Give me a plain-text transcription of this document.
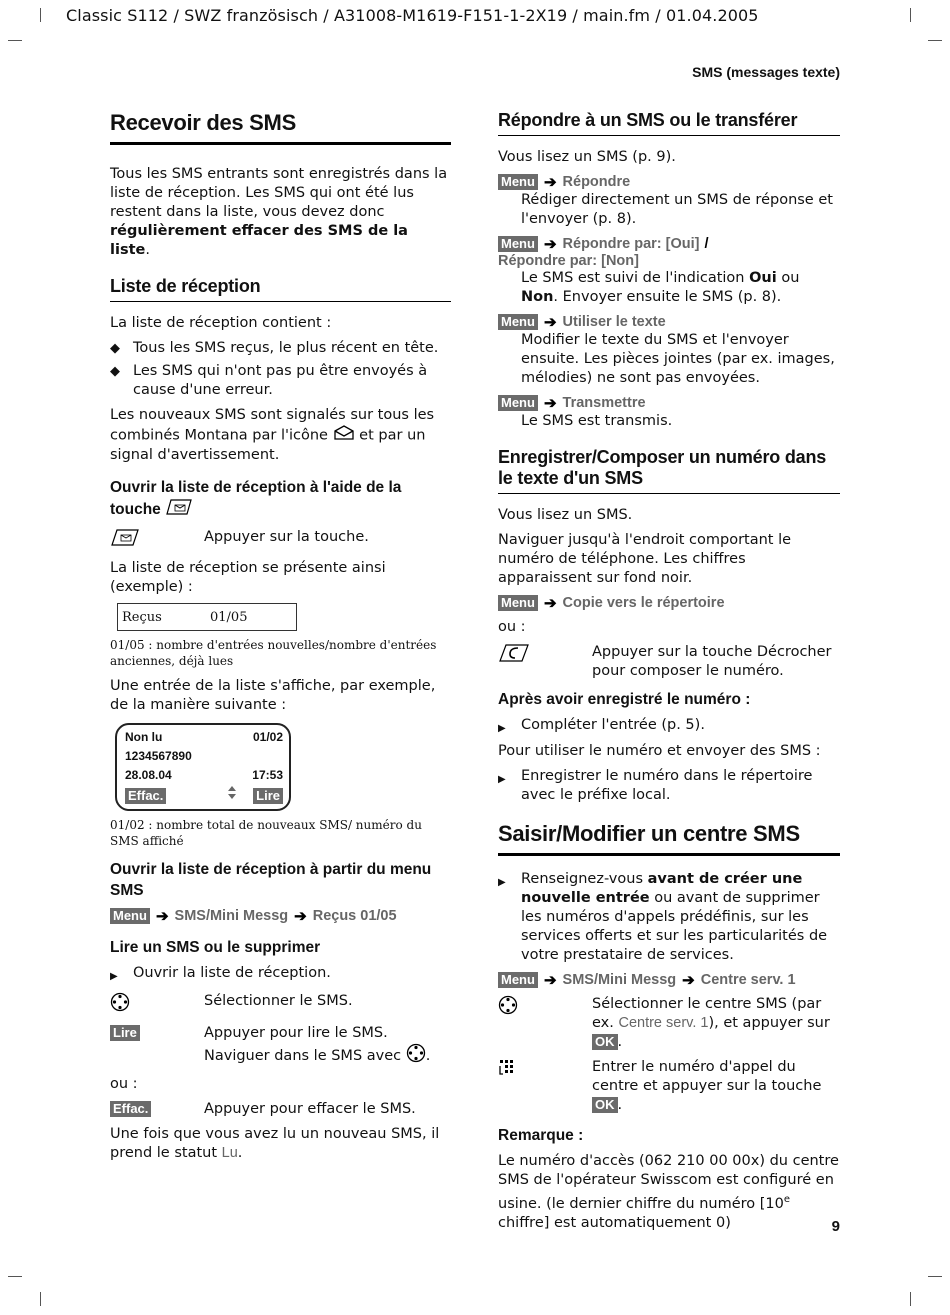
Classic S112 / SWZ französisch / A31008-M1619-F151-1-2X19 / main.fm / 01.04.2005
SMS (messages texte)
Recevoir des SMS

Tous les SMS entrants sont enregistrés dans la liste de réception. Les SMS qui ont été lus restent dans la liste, vous devez donc régulièrement effacer des SMS de la liste.

Liste de réception

La liste de réception contient :

◆ Tous les SMS reçus, le plus récent en tête.
◆ Les SMS qui n'ont pas pu être envoyés à cause d'une erreur.

Les nouveaux SMS sont signalés sur tous les combinés Montana par l'icône  et par un signal d'avertissement.

Ouvrir la liste de réception à l'aide de la touche
Appuyer sur la touche.

La liste de réception se présente ainsi (exemple) :

Reçus	01/05

01/05 : nombre d'entrées nouvelles/nombre d'entrées anciennes, déjà lues

Une entrée de la liste s'affiche, par exemple, de la manière suivante :

Non lu	01/02
1234567890
28.08.04	17:53
Effac.	Lire

01/02 : nombre total de nouveaux SMS/ numéro du SMS affiché

Ouvrir la liste de réception à partir du menu SMS
Menu ➔ SMS/Mini Messg ➔ Reçus 01/05
Lire un SMS ou le supprimer
▶	Ouvrir la liste de réception.
Sélectionner le SMS.
Lire	Appuyer pour lire le SMS. Naviguer dans le SMS avec .

ou :

Effac.	Appuyer pour effacer le SMS.

Une fois que vous avez lu un nouveau SMS, il prend le statut Lu.

Répondre à un SMS ou le transférer

Vous lisez un SMS (p. 9).

Menu ➔ Répondre

Rédiger directement un SMS de réponse et l'envoyer (p. 8).

Menu ➔ Répondre par: [Oui] /
Répondre par: [Non]

Le SMS est suivi de l'indication Oui ou Non. Envoyer ensuite le SMS (p. 8).

Menu ➔ Utiliser le texte

Modifier le texte du SMS et l'envoyer ensuite. Les pièces jointes (par ex. images, mélodies) ne sont pas envoyées.

Menu ➔ Transmettre

Le SMS est transmis.

Enregistrer/Composer un numéro dans le texte d'un SMS

Vous lisez un SMS.

Naviguer jusqu'à l'endroit comportant le numéro de téléphone. Les chiffres apparaissent sur fond noir.

Menu ➔ Copie vers le répertoire

ou :

Appuyer sur la touche Décrocher pour composer le numéro.
Après avoir enregistré le numéro :
▶	Compléter l'entrée (p. 5).

Pour utiliser le numéro et envoyer des SMS :

▶	Enregistrer le numéro dans le répertoire avec le préfixe local.
Saisir/Modifier un centre SMS
▶	Renseignez-vous avant de créer une nouvelle entrée ou avant de supprimer les numéros d'appels prédéfinis, sur les services offerts et sur les particularités de votre prestataire de services.
Menu ➔ SMS/Mini Messg ➔ Centre serv. 1
Sélectionner le centre SMS (par ex. Centre serv. 1), et appuyer sur OK .
Entrer le numéro d'appel du centre et appuyer sur la touche OK .
Remarque :

Le numéro d'accès (062 210 00 00x) du centre SMS de l'opérateur Swisscom est configuré en usine. (le dernier chiffre du numéro [10e chiffre] est automatiquement 0)	9
